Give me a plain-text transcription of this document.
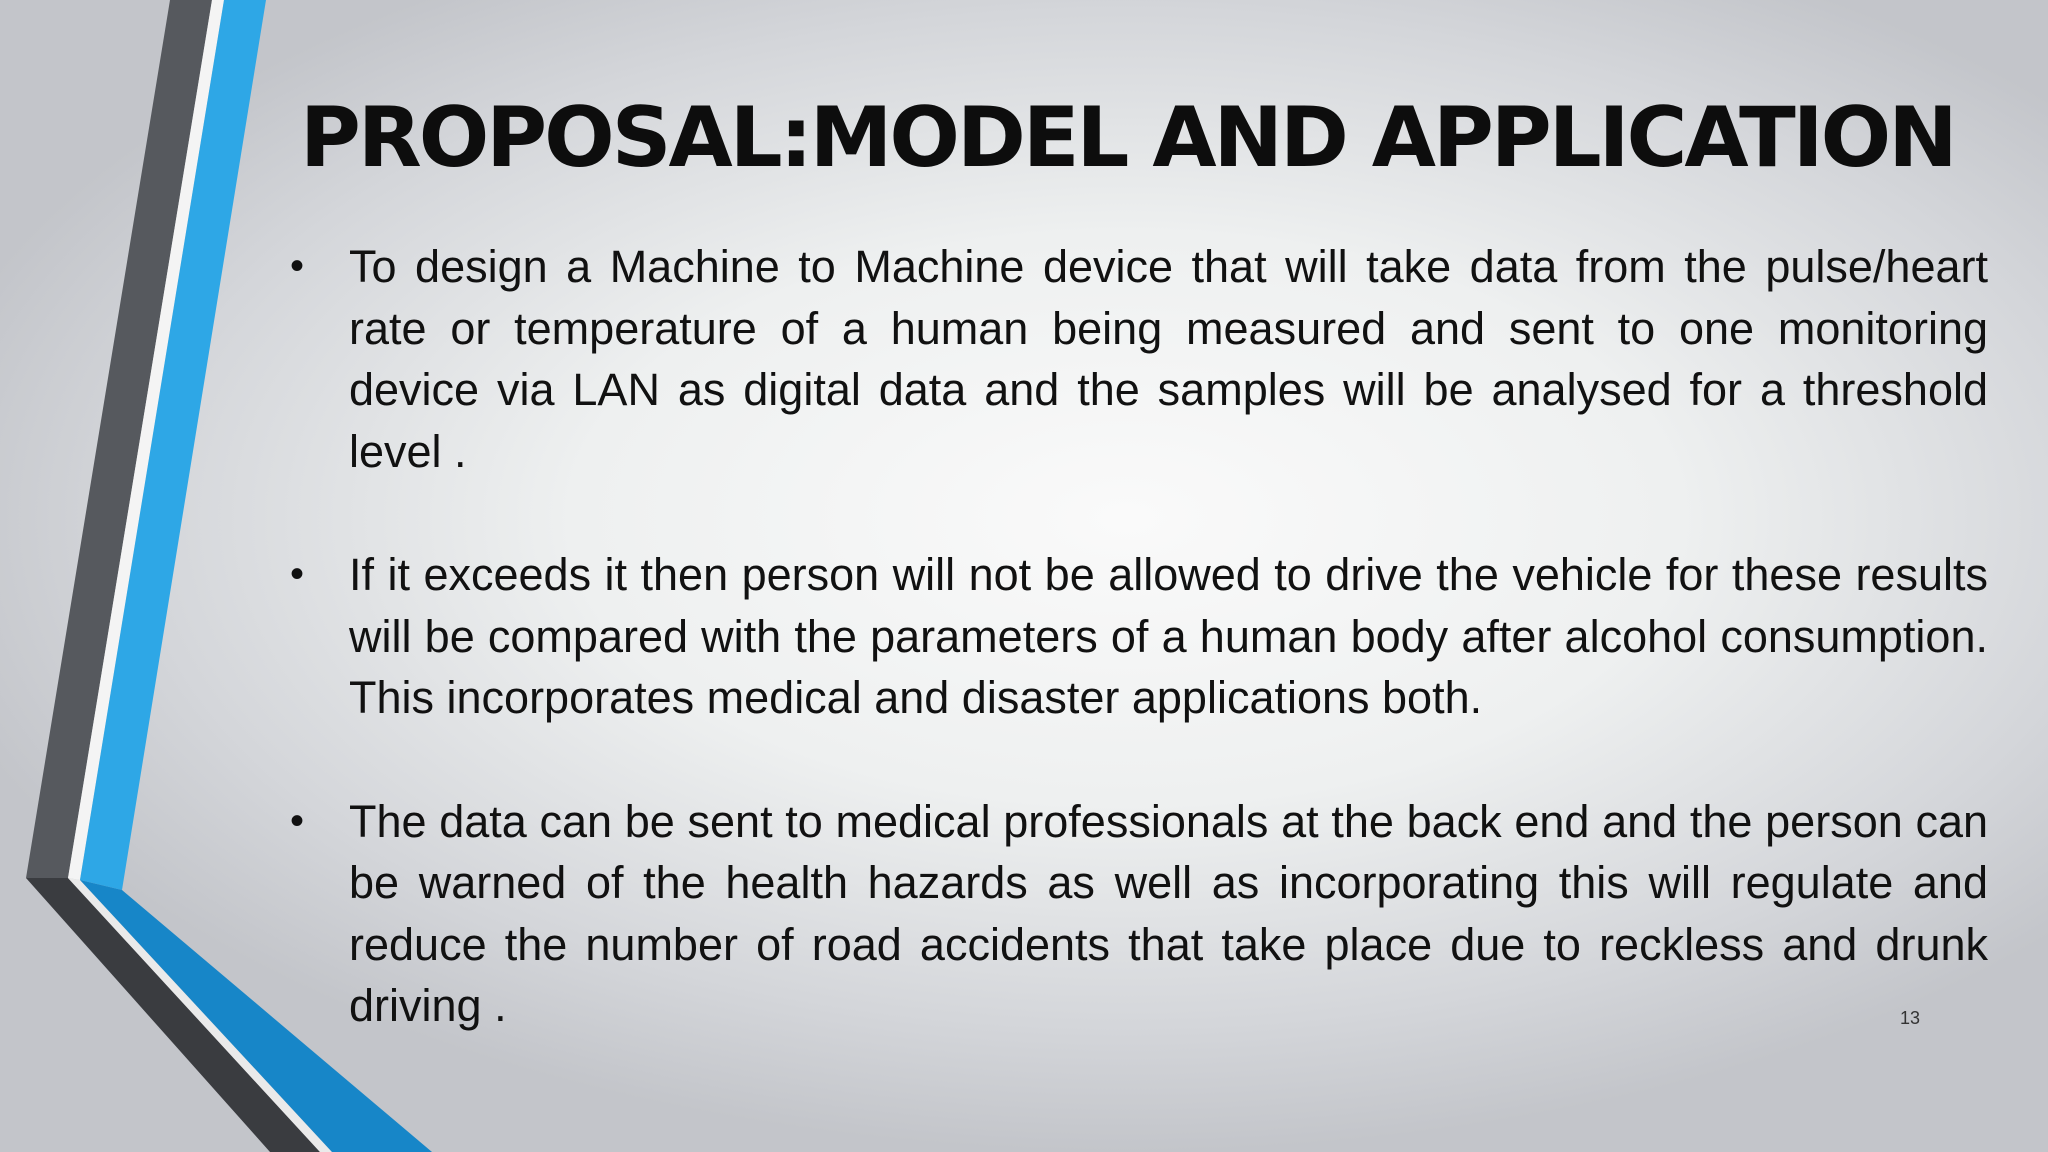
PROPOSAL:MODEL AND APPLICATION
• To design a Machine to Machine device that will take data from the pulse/heart rate or temperature of a human being measured and sent to one monitoring device via LAN as digital data and the samples will be analysed for a threshold level .
• If it exceeds it then person will not be allowed to drive the vehicle for these results will be compared with the parameters of a human body after alcohol consumption. This incorporates medical and disaster applications both.
• The data can be sent to medical professionals at the back end and the person can be warned of the health hazards as well as incorporating this will regulate and reduce the number of road accidents that take place due to reckless and drunk driving .	13
